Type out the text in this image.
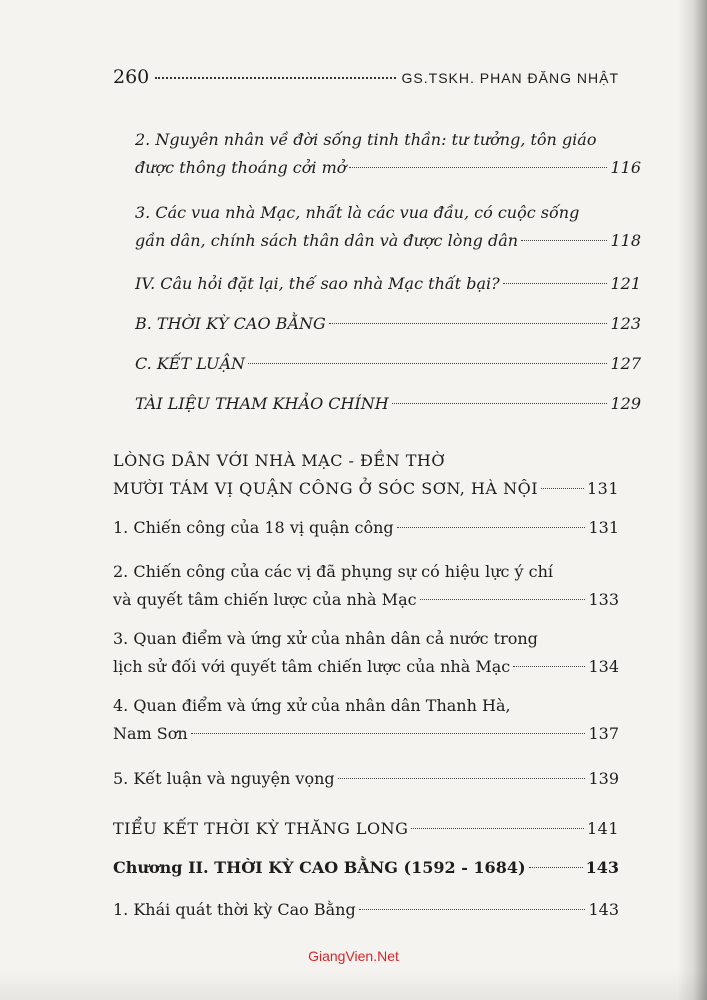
260	GS.TSKH. PHAN ĐĂNG NHẬT
2. Nguyên nhân về đời sống tinh thần: tư tưởng, tôn giáo
được thông thoáng cởi mở	116
3. Các vua nhà Mạc, nhất là các vua đầu, có cuộc sống
gần dân, chính sách thân dân và được lòng dân	118
IV. Câu hỏi đặt lại, thế sao nhà Mạc thất bại?	121
B. THỜI KỲ CAO BẰNG	123
C. KẾT LUẬN	127
TÀI LIỆU THAM KHẢO CHÍNH	129
LÒNG DÂN VỚI NHÀ MẠC - ĐỀN THỜ
MƯỜI TÁM VỊ QUẬN CÔNG Ở SÓC SƠN, HÀ NỘI	131
1. Chiến công của 18 vị quận công	131
2. Chiến công của các vị đã phụng sự có hiệu lực ý chí
và quyết tâm chiến lược của nhà Mạc	133
3. Quan điểm và ứng xử của nhân dân cả nước trong
lịch sử đối với quyết tâm chiến lược của nhà Mạc	134
4. Quan điểm và ứng xử của nhân dân Thanh Hà,
Nam Sơn	137
5. Kết luận và nguyện vọng	139
TIỂU KẾT THỜI KỲ THĂNG LONG	141
Chương II. THỜI KỲ CAO BẰNG (1592 - 1684)	143
1. Khái quát thời kỳ Cao Bằng	143
GiangVien.Net
